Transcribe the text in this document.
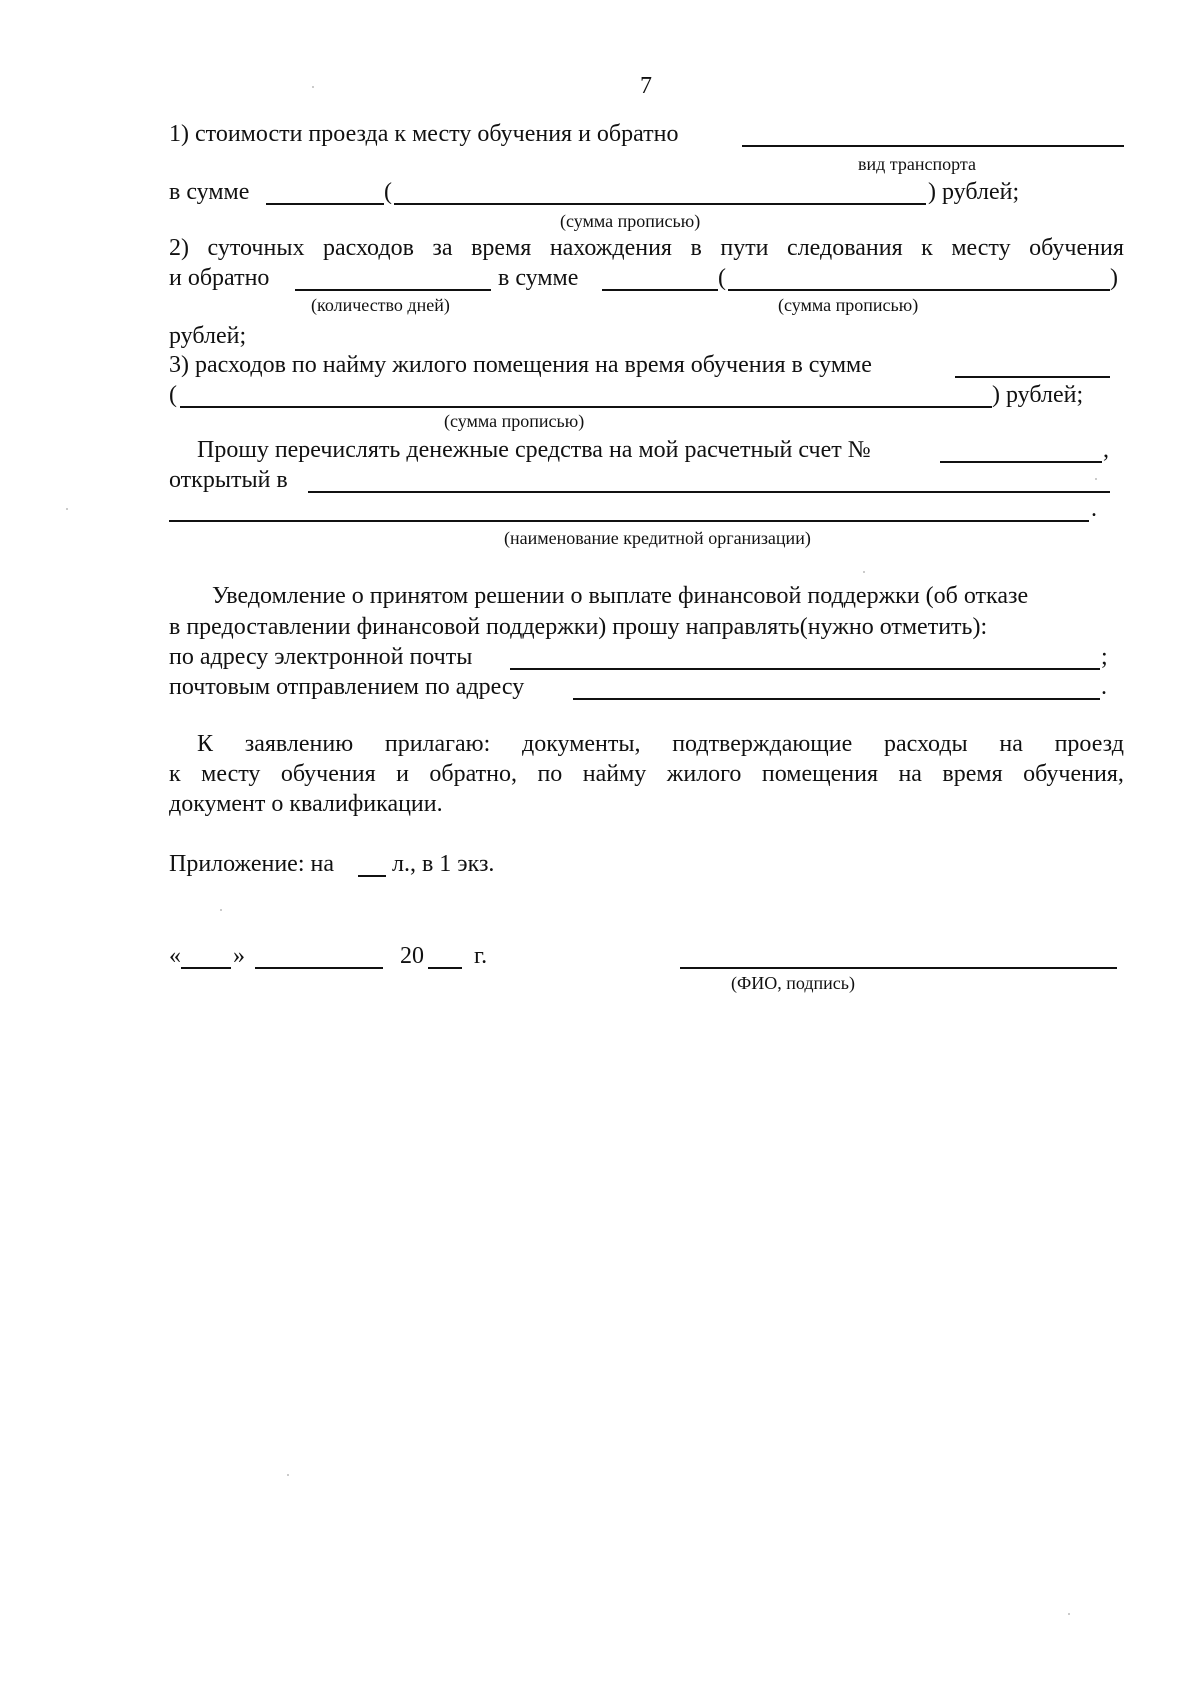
7
1) стоимости проезда к месту обучения и обратно
вид транспорта
в сумме	(	) рублей;
(сумма прописью)
2) суточных расходов за время нахождения в пути следования к месту обучения
и обратно	в сумме	(	)
(количество дней)	(сумма прописью)
рублей;
3) расходов по найму жилого помещения на время обучения в сумме
(	) рублей;
(сумма прописью)
Прошу перечислять денежные средства на мой расчетный счет №	,
открытый в
.
(наименование кредитной организации)
Уведомление о принятом решении о выплате финансовой поддержки (об отказе
в предоставлении финансовой поддержки) прошу направлять(нужно отметить):
по адресу электронной почты	;
почтовым отправлением по адресу	.
К заявлению прилагаю: документы, подтверждающие расходы на проезд
к месту обучения и обратно, по найму жилого помещения на время обучения,
документ о квалификации.
Приложение: на л., в 1 экз.
« »	20 г.
(ФИО, подпись)
